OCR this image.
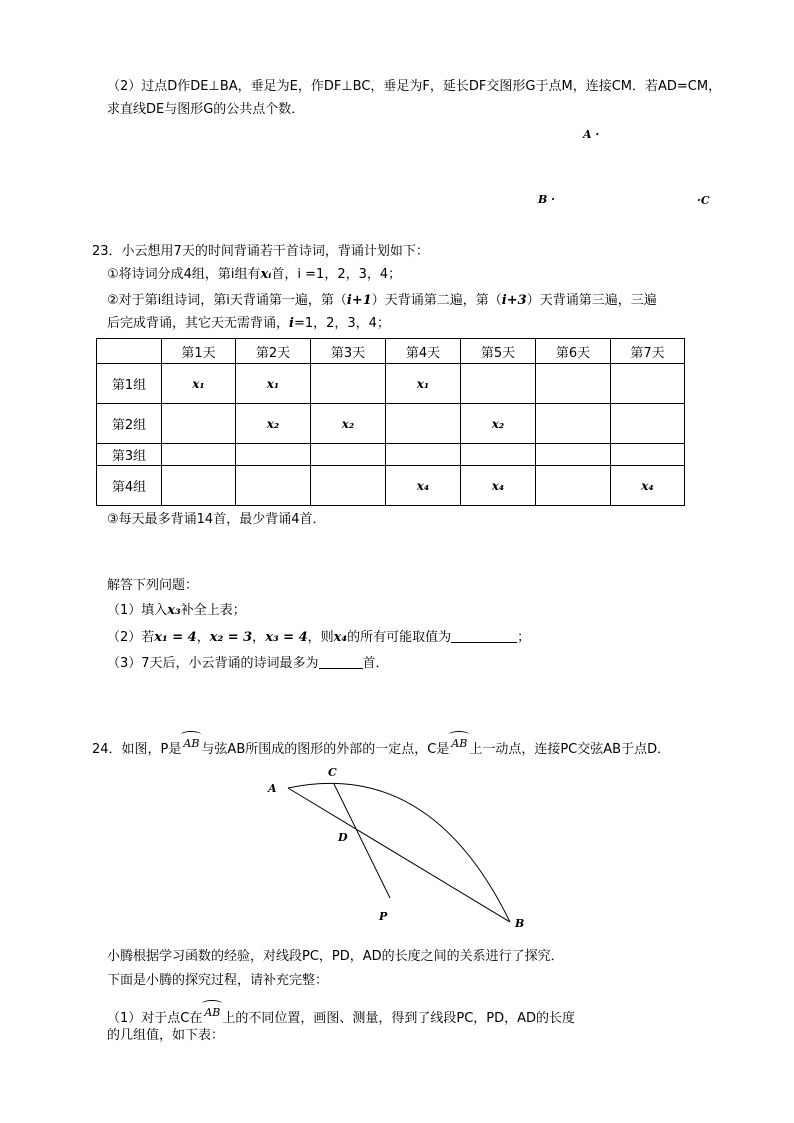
（2）过点D作DE⊥BA，垂足为E，作DF⊥BC，垂足为F，延长DF交图形G于点M，连接CM．若AD=CM，
求直线DE与图形G的公共点个数．
A ·
B ·	·C
23．小云想用7天的时间背诵若干首诗词，背诵计划如下：
①将诗词分成4组，第i组有xᵢ首，i =1，2，3，4；
②对于第i组诗词，第i天背诵第一遍，第（i+1）天背诵第二遍，第（i+3）天背诵第三遍，三遍
后完成背诵，其它天无需背诵，i=1，2，3，4；
	第1天	第2天	第3天	第4天	第5天	第6天	第7天
第1组	x₁	x₁		x₁			
第2组		x₂	x₂		x₂		
第3组							
第4组				x₄	x₄		x₄
③每天最多背诵14首，最少背诵4首．
解答下列问题：
（1）填入x₃补全上表；
（2）若x₁ = 4，x₂ = 3，x₃ = 4，则x₄的所有可能取值为	；
（3）7天后，小云背诵的诗词最多为	首．
24．如图，P是 AB 与弦AB所围成的图形的外部的一定点，C是 AB 上一动点，连接PC交弦AB于点D．
A
C
D
P
B
小腾根据学习函数的经验，对线段PC，PD，AD的长度之间的关系进行了探究．
下面是小腾的探究过程，请补充完整：
（1）对于点C在 AB 上的不同位置，画图、测量，得到了线段PC，PD，AD的长度
的几组值，如下表：
